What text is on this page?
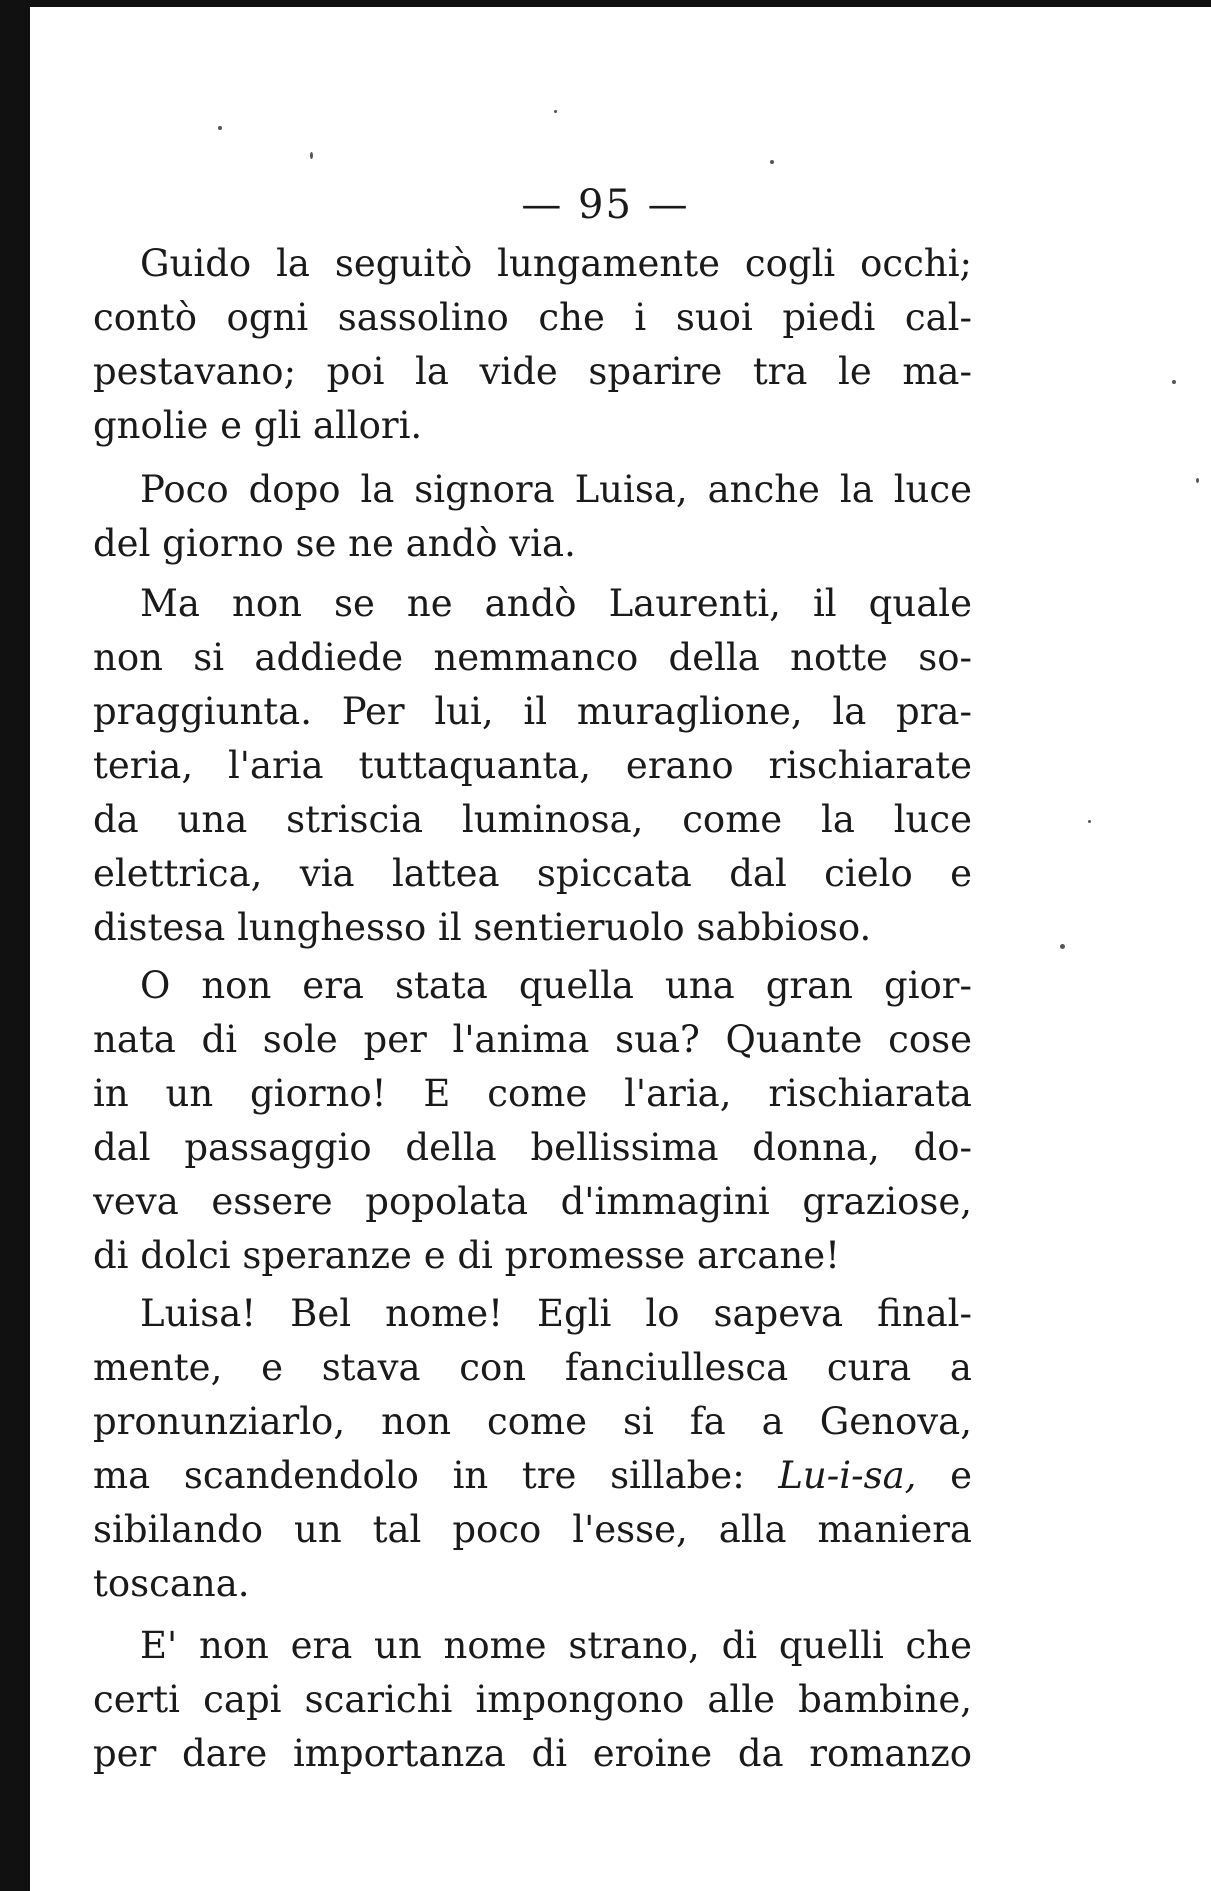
— 95 —
Guido la seguitò lungamente cogli occhi;
contò ogni sassolino che i suoi piedi cal-
pestavano; poi la vide sparire tra le ma-
gnolie e gli allori.
Poco dopo la signora Luisa, anche la luce
del giorno se ne andò via.
Ma non se ne andò Laurenti, il quale
non si addiede nemmanco della notte so-
praggiunta. Per lui, il muraglione, la pra-
teria, l'aria tuttaquanta, erano rischiarate
da una striscia luminosa, come la luce
elettrica, via lattea spiccata dal cielo e
distesa lunghesso il sentieruolo sabbioso.
O non era stata quella una gran gior-
nata di sole per l'anima sua? Quante cose
in un giorno! E come l'aria, rischiarata
dal passaggio della bellissima donna, do-
veva essere popolata d'immagini graziose,
di dolci speranze e di promesse arcane!
Luisa! Bel nome! Egli lo sapeva final-
mente, e stava con fanciullesca cura a
pronunziarlo, non come si fa a Genova,
ma scandendolo in tre sillabe: Lu-i-sa, e
sibilando un tal poco l'esse, alla maniera
toscana.
E' non era un nome strano, di quelli che
certi capi scarichi impongono alle bambine,
per dare importanza di eroine da romanzo
